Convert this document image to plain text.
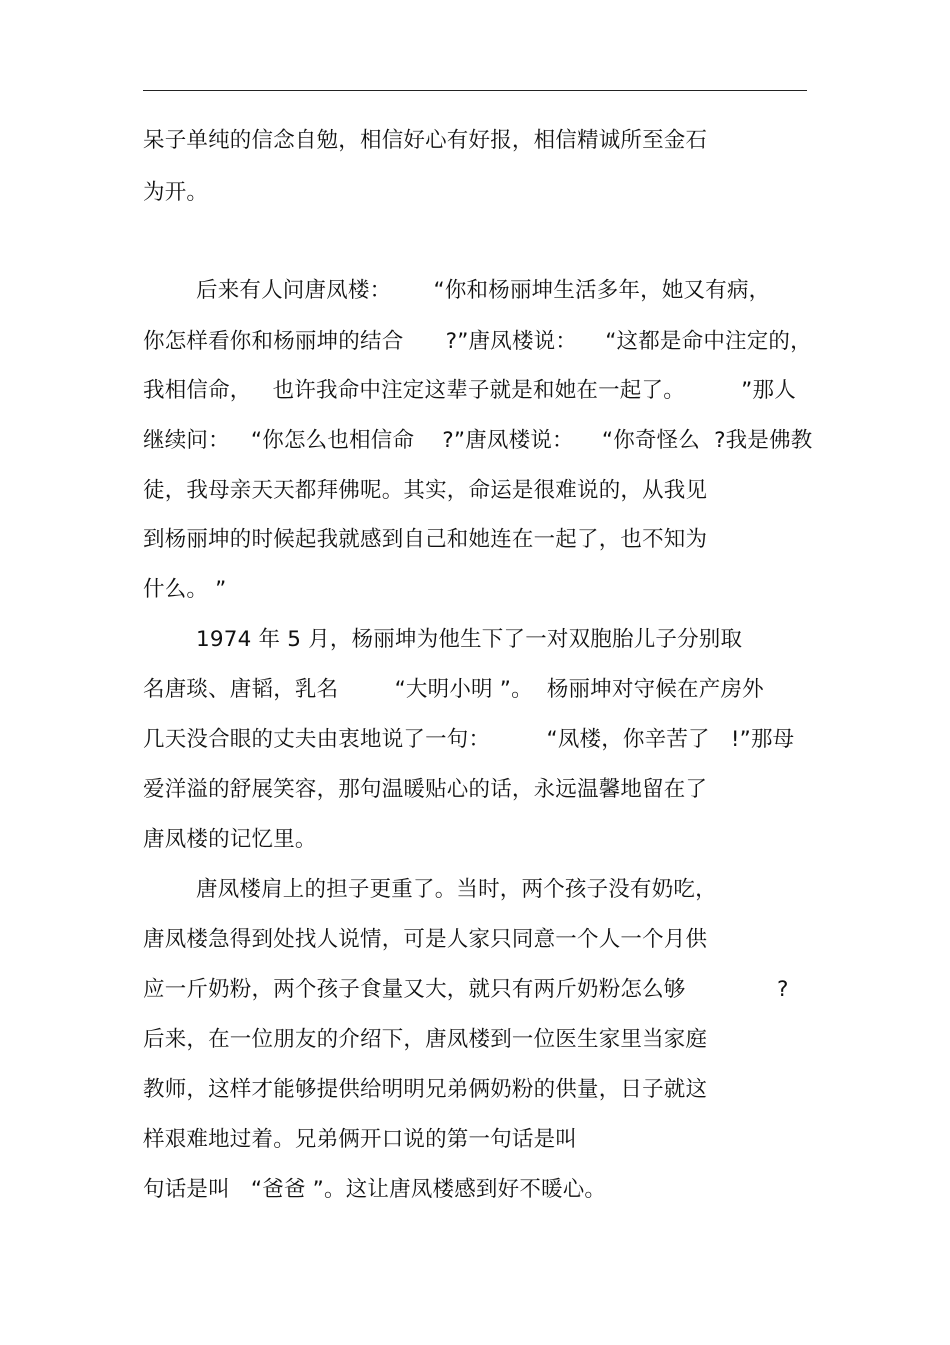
呆子单纯的信念自勉，相信好心有好报，相信精诚所至金石
为开。
后来有人问唐凤楼：      “你和杨丽坤生活多年，她又有病，
你怎样看你和杨丽坤的结合      ?”唐凤楼说：    “这都是命中注定的，
我相信命，   也许我命中注定这辈子就是和她在一起了。        ”那人
继续问：   “你怎么也相信命    ?”唐凤楼说：    “你奇怪么  ?我是佛教
徒，我母亲天天都拜佛呢。其实，命运是很难说的，从我见
到杨丽坤的时候起我就感到自己和她连在一起了，也不知为
什么。 ”
1974 年 5 月，杨丽坤为他生下了一对双胞胎儿子分别取
名唐琰、唐韬，乳名        “大明小明 ”。  杨丽坤对守候在产房外
几天没合眼的丈夫由衷地说了一句：        “凤楼，你辛苦了   !”那母
爱洋溢的舒展笑容，那句温暖贴心的话，永远温馨地留在了
唐凤楼的记忆里。
唐凤楼肩上的担子更重了。当时，两个孩子没有奶吃，
唐凤楼急得到处找人说情，可是人家只同意一个人一个月供
应一斤奶粉，两个孩子食量又大，就只有两斤奶粉怎么够             ?
后来，在一位朋友的介绍下，唐凤楼到一位医生家里当家庭
教师，这样才能够提供给明明兄弟俩奶粉的供量，日子就这
样艰难地过着。兄弟俩开口说的第一句话是叫
句话是叫   “爸爸 ”。这让唐凤楼感到好不暖心。
